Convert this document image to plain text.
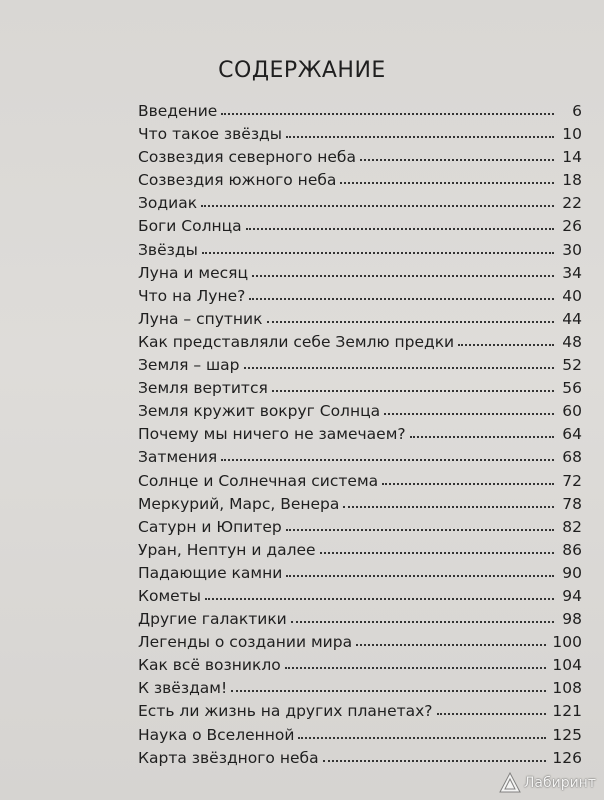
СОДЕРЖАНИЕ
Введение	6
Что такое звёзды	10
Созвездия северного неба	14
Созвездия южного неба	18
Зодиак	22
Боги Солнца	26
Звёзды	30
Луна и месяц	34
Что на Луне?	40
Луна – спутник	44
Как представляли себе Землю предки	48
Земля – шар	52
Земля вертится	56
Земля кружит вокруг Солнца	60
Почему мы ничего не замечаем?	64
Затмения	68
Солнце и Солнечная система	72
Меркурий, Марс, Венера	78
Сатурн и Юпитер	82
Уран, Нептун и далее	86
Падающие камни	90
Кометы	94
Другие галактики	98
Легенды о создании мира	100
Как всё возникло	104
К звёздам!	108
Есть ли жизнь на других планетах?	121
Наука о Вселенной	125
Карта звёздного неба	126
Лабиринт
